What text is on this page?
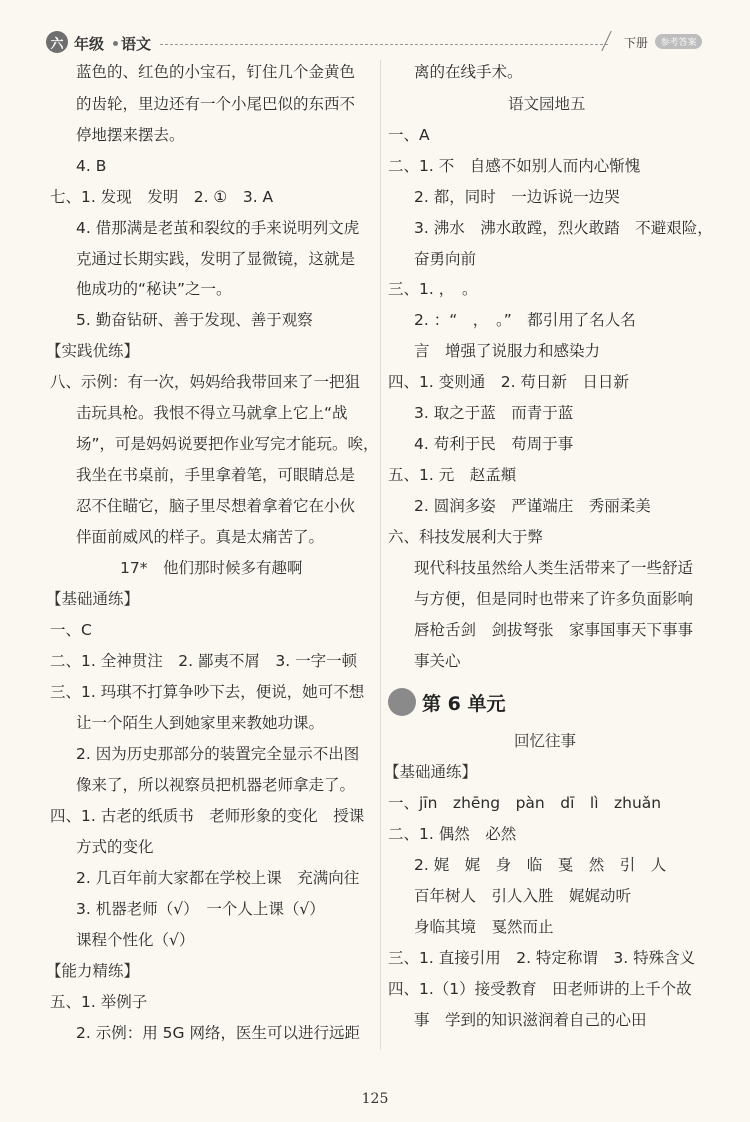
六 年级 语文	下册	参考答案
蓝色的、红色的小宝石，钉住几个金黄色
的齿轮，里边还有一个小尾巴似的东西不
停地摆来摆去。
4. B
七、1. 发现　发明　2. ①　3. A
4. 借那满是老茧和裂纹的手来说明列文虎
克通过长期实践，发明了显微镜，这就是
他成功的“秘诀”之一。
5. 勤奋钻研、善于发现、善于观察
【实践优练】
八、示例：有一次，妈妈给我带回来了一把狙
击玩具枪。我恨不得立马就拿上它上“战
场”，可是妈妈说要把作业写完才能玩。唉，
我坐在书桌前，手里拿着笔，可眼睛总是
忍不住瞄它，脑子里尽想着拿着它在小伙
伴面前威风的样子。真是太痛苦了。
17*　他们那时候多有趣啊
【基础通练】
一、C
二、1. 全神贯注　2. 鄙夷不屑　3. 一字一顿
三、1. 玛琪不打算争吵下去，便说，她可不想
让一个陌生人到她家里来教她功课。
2. 因为历史那部分的装置完全显示不出图
像来了，所以视察员把机器老师拿走了。
四、1. 古老的纸质书　老师形象的变化　授课
方式的变化
2. 几百年前大家都在学校上课　充满向往
3. 机器老师（√）　一个人上课（√）
课程个性化（√）
【能力精练】
五、1. 举例子
2. 示例：用 5G 网络，医生可以进行远距
离的在线手术。
语文园地五
一、A
二、1. 不　自感不如别人而内心惭愧
2. 都，同时　一边诉说一边哭
3. 沸水　沸水敢蹚，烈火敢踏　不避艰险，
奋勇向前
三、1. ，　。
2. ：“　，　。”　都引用了名人名
言　增强了说服力和感染力
四、1. 变则通　2. 苟日新　日日新
3. 取之于蓝　而青于蓝
4. 苟利于民　苟周于事
五、1. 元　赵孟頫
2. 圆润多姿　严谨端庄　秀丽柔美
六、科技发展利大于弊
现代科技虽然给人类生活带来了一些舒适
与方便，但是同时也带来了许多负面影响
唇枪舌剑　剑拔弩张　家事国事天下事事
事关心
第 6 单元
回忆往事
【基础通练】
一、jīn　zhēng　pàn　dī　lì　zhuǎn
二、1. 偶然　必然
2. 娓　娓　身　临　戛　然　引　人
百年树人　引人入胜　娓娓动听
身临其境　戛然而止
三、1. 直接引用　2. 特定称谓　3. 特殊含义
四、1.（1）接受教育　田老师讲的上千个故
事　学到的知识滋润着自己的心田
125
